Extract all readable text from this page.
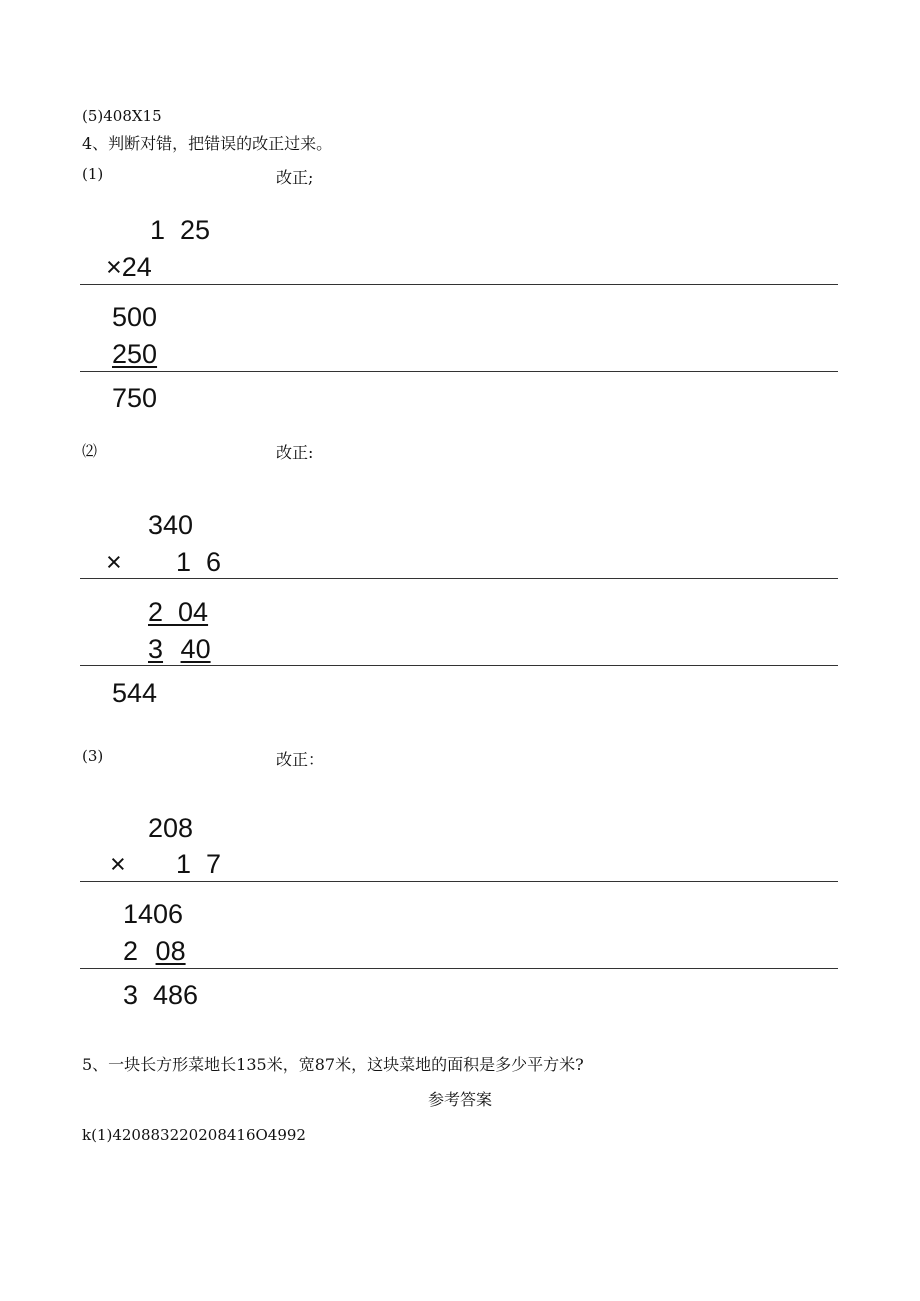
(5)408X15
4、判断对错，把错误的改正过来。
(1)	改正;
1  25
×24
500
250
750
⑵	改正:
340
× 1  6
2  04
3 40
544
(3)	改正：
208
× 1  7
1406
2 08
3  486
5、一块长方形菜地长135米，宽87米，这块菜地的面积是多少平方米?
参考答案
k(1)420883220208416O4992
